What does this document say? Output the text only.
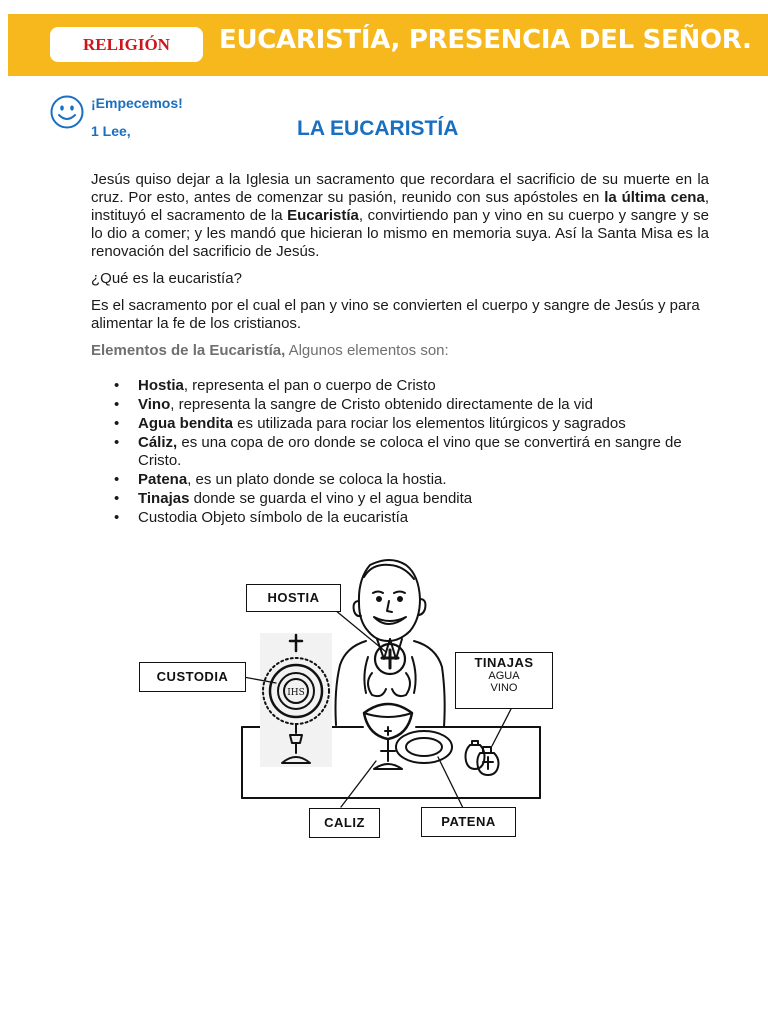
RELIGIÓN	EUCARISTÍA, PRESENCIA DEL SEÑOR.
¡Empecemos!
1 Lee,	LA EUCARISTÍA

Jesús quiso dejar a la Iglesia un sacramento que recordara el sacrificio de su muerte en la cruz. Por esto, antes de comenzar su pasión, reunido con sus apóstoles en la última cena, instituyó el sacramento de la Eucaristía, convirtiendo pan y vino en su cuerpo y sangre y se lo dio a comer; y les mandó que hicieran lo mismo en memoria suya. Así la Santa Misa es la renovación del sacrificio de Jesús.

¿Qué es la eucaristía?

Es el sacramento por el cual el pan y vino se convierten el cuerpo y sangre de Jesús y para alimentar la fe de los cristianos.

Elementos de la Eucaristía, Algunos elementos son:

• Hostia, representa el pan o cuerpo de Cristo
• Vino, representa la sangre de Cristo obtenido directamente de la vid
• Agua bendita es utilizada para rociar los elementos litúrgicos y sagrados
• Cáliz, es una copa de oro donde se coloca el vino que se convertirá en sangre de Cristo.
• Patena, es un plato donde se coloca la hostia.
• Tinajas donde se guarda el vino y el agua bendita
• Custodia Objeto símbolo de la eucaristía
IHS
HOSTIA
CUSTODIA
TINAJAS
AGUA
VINO
CALIZ	PATENA
